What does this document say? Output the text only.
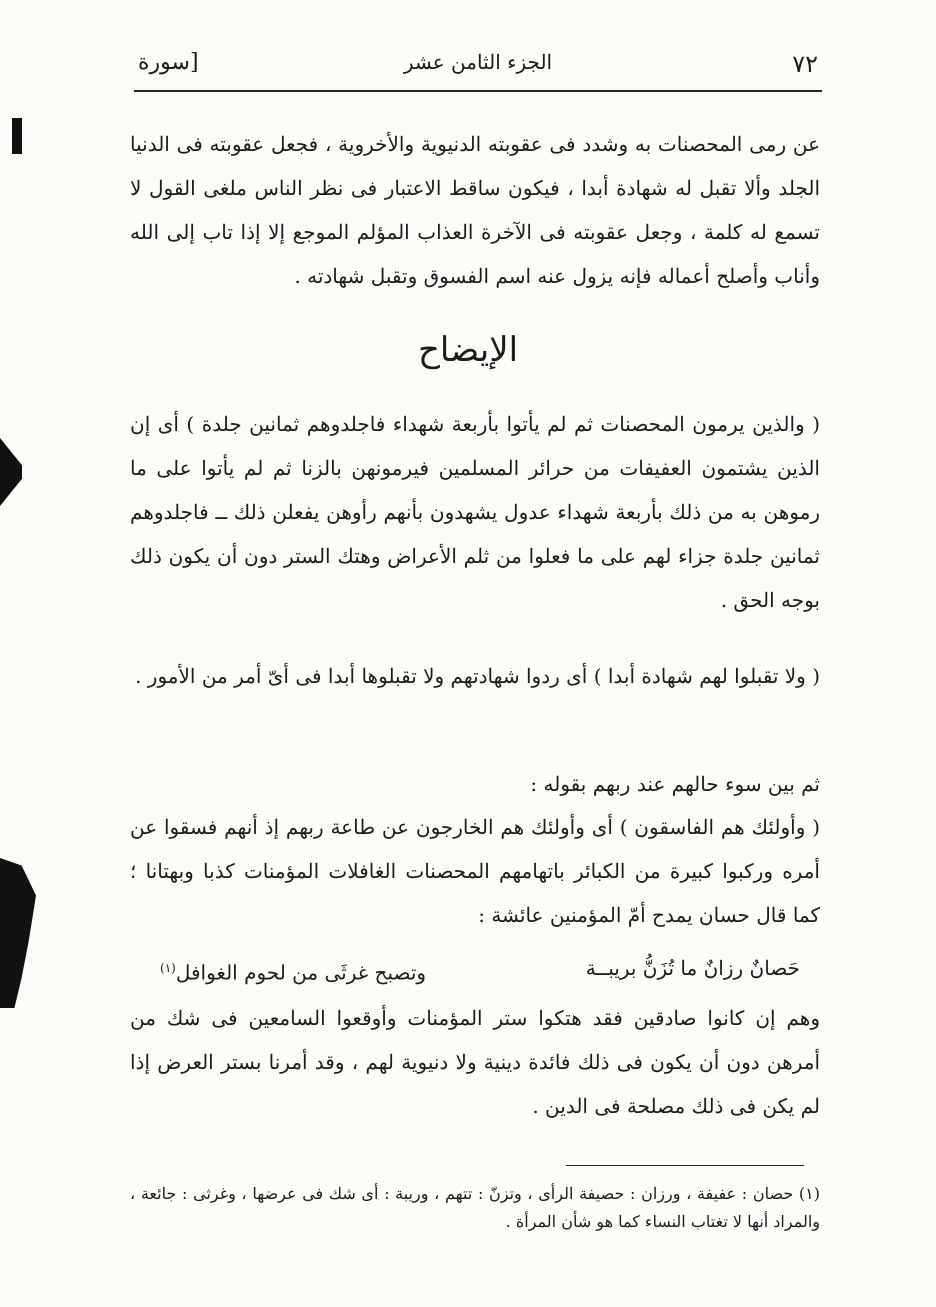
٧٢
الجزء الثامن عشر
[سورة

عن رمى المحصنات به وشدد فى عقوبته الدنيوية والأخروية ، فجعل عقوبته فى الدنيا الجلد وألا تقبل له شهادة أبدا ، فيكون ساقط الاعتبار فى نظر الناس ملغى القول لا تسمع له كلمة ، وجعل عقوبته فى الآخرة العذاب المؤلم الموجع إلا إذا تاب إلى الله وأناب وأصلح أعماله فإنه يزول عنه اسم الفسوق وتقبل شهادته .

الإيضاح

( والذين يرمون المحصنات ثم لم يأتوا بأربعة شهداء فاجلدوهم ثمانين جلدة ) أى إن الذين يشتمون العفيفات من حرائر المسلمين فيرمونهن بالزنا ثم لم يأتوا على ما رموهن به من ذلك بأربعة شهداء عدول يشهدون بأنهم رأوهن يفعلن ذلك ــ فاجلدوهم ثمانين جلدة جزاء لهم على ما فعلوا من ثلم الأعراض وهتك الستر دون أن يكون ذلك بوجه الحق .

( ولا تقبلوا لهم شهادة أبدا ) أى ردوا شهادتهم ولا تقبلوها أبدا فى أىّ أمر من الأمور .

ثم بين سوء حالهم عند ربهم بقوله :

( وأولئك هم الفاسقون ) أى وأولئك هم الخارجون عن طاعة ربهم إذ أنهم فسقوا عن أمره وركبوا كبيرة من الكبائر باتهامهم المحصنات الغافلات المؤمنات كذبا وبهتانا ؛ كما قال حسان يمدح أمّ المؤمنين عائشة :

حَصانٌ رزانٌ ما تُزَنُّ بريبــة
وتصبح غرثَى من لحوم الغوافل$^{(١)}$

وهم إن كانوا صادقين فقد هتكوا ستر المؤمنات وأوقعوا السامعين فى شك من أمرهن دون أن يكون فى ذلك فائدة دينية ولا دنيوية لهم ، وقد أمرنا بستر العرض إذا لم يكن فى ذلك مصلحة فى الدين .

(١) حصان : عفيفة ، ورزان : حصيفة الرأى ، وتزنّ : تتهم ، وريبة : أى شك فى عرضها ، وغرثى : جائعة ، والمراد أنها لا تغتاب النساء كما هو شأن المرأة .
